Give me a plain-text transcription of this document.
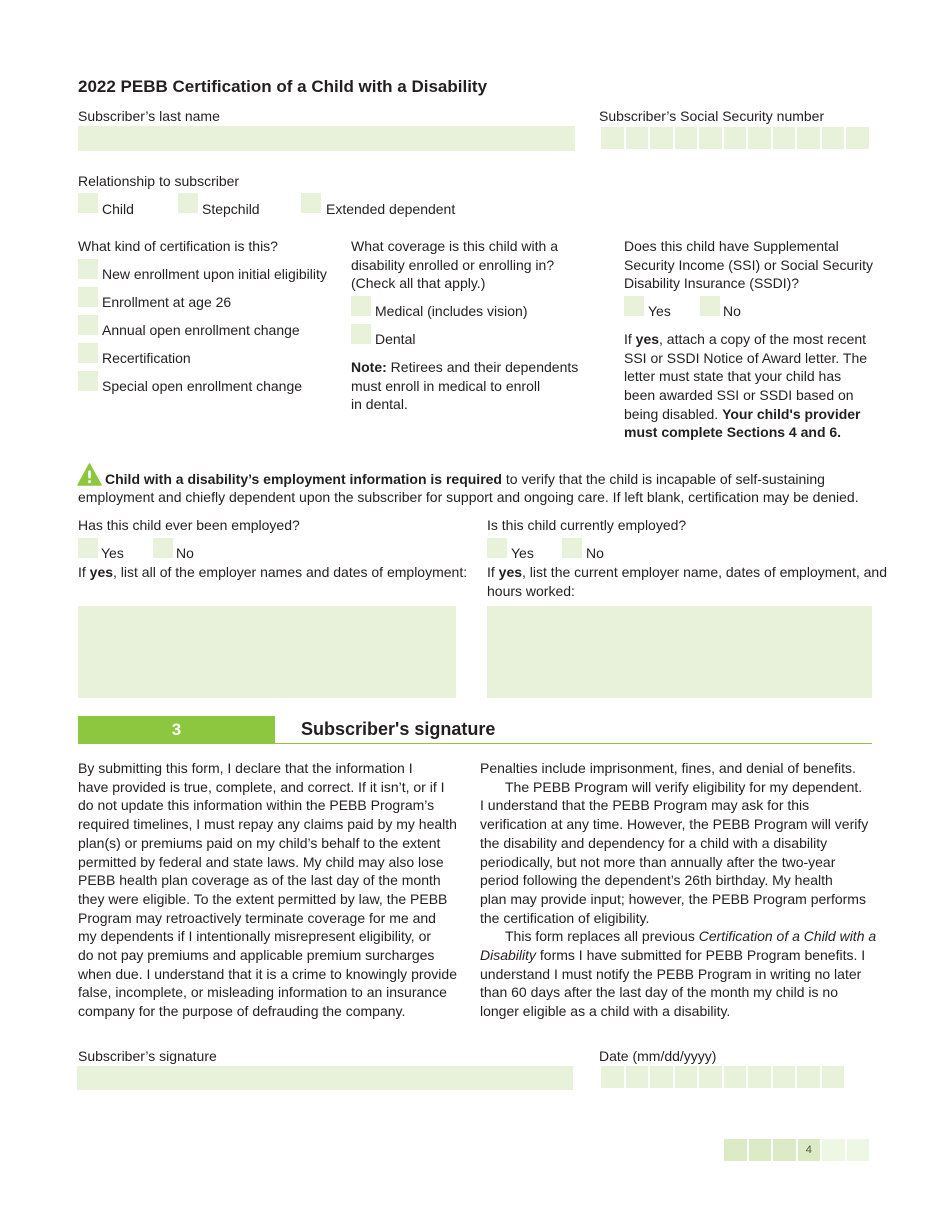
2022 PEBB Certification of a Child with a Disability
Subscriber’s last name	Subscriber’s Social Security number
Relationship to subscriber
Child	Stepchild	Extended dependent
What kind of certification is this?
New enrollment upon initial eligibility
Enrollment at age 26
Annual open enrollment change
Recertification
Special open enrollment change
What coverage is this child with a
disability enrolled or enrolling in?
(Check all that apply.)
Medical (includes vision)
Dental
Note: Retirees and their dependents
must enroll in medical to enroll
in dental.
Does this child have Supplemental
Security Income (SSI) or Social Security
Disability Insurance (SSDI)?
Yes	No
If yes, attach a copy of the most recent
SSI or SSDI Notice of Award letter. The
letter must state that your child has
been awarded SSI or SSDI based on
being disabled. Your child's provider
must complete Sections 4 and 6.
Child with a disability’s employment information is required to verify that the child is incapable of self-sustaining
employment and chiefly dependent upon the subscriber for support and ongoing care. If left blank, certification may be denied.
Has this child ever been employed?
Yes	No
If yes, list all of the employer names and dates of employment:
Is this child currently employed?
Yes	No
If yes, list the current employer name, dates of employment, and
hours worked:
3	Subscriber's signature
By submitting this form, I declare that the information I
have provided is true, complete, and correct. If it isn’t, or if I
do not update this information within the PEBB Program’s
required timelines, I must repay any claims paid by my health
plan(s) or premiums paid on my child’s behalf to the extent
permitted by federal and state laws. My child may also lose
PEBB health plan coverage as of the last day of the month
they were eligible. To the extent permitted by law, the PEBB
Program may retroactively terminate coverage for me and
my dependents if I intentionally misrepresent eligibility, or
do not pay premiums and applicable premium surcharges
when due. I understand that it is a crime to knowingly provide
false, incomplete, or misleading information to an insurance
company for the purpose of defrauding the company.
Penalties include imprisonment, fines, and denial of benefits.
The PEBB Program will verify eligibility for my dependent.
I understand that the PEBB Program may ask for this
verification at any time. However, the PEBB Program will verify
the disability and dependency for a child with a disability
periodically, but not more than annually after the two-year
period following the dependent’s 26th birthday. My health
plan may provide input; however, the PEBB Program performs
the certification of eligibility.
This form replaces all previous Certification of a Child with a
Disability forms I have submitted for PEBB Program benefits. I
understand I must notify the PEBB Program in writing no later
than 60 days after the last day of the month my child is no
longer eligible as a child with a disability.
Subscriber’s signature	Date (mm/dd/yyyy)
4
